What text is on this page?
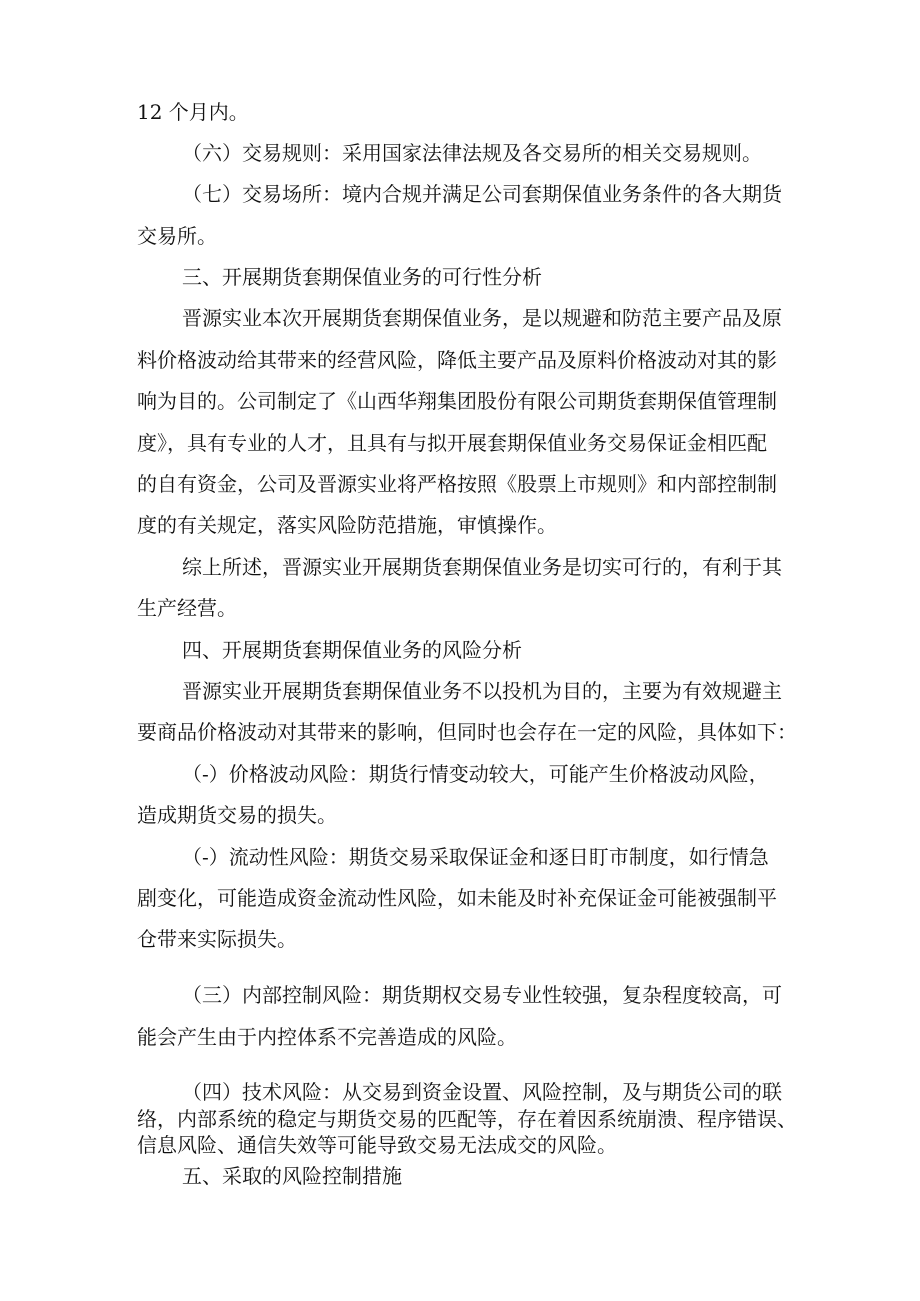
12 个月内。
（六）交易规则：采用国家法律法规及各交易所的相关交易规则。
（七）交易场所：境内合规并满足公司套期保值业务条件的各大期货
交易所。
三、开展期货套期保值业务的可行性分析
晋源实业本次开展期货套期保值业务，是以规避和防范主要产品及原
料价格波动给其带来的经营风险，降低主要产品及原料价格波动对其的影
响为目的。公司制定了《山西华翔集团股份有限公司期货套期保值管理制
度》，具有专业的人才，且具有与拟开展套期保值业务交易保证金相匹配
的自有资金，公司及晋源实业将严格按照《股票上市规则》和内部控制制
度的有关规定，落实风险防范措施，审慎操作。
综上所述，晋源实业开展期货套期保值业务是切实可行的，有利于其
生产经营。
四、开展期货套期保值业务的风险分析
晋源实业开展期货套期保值业务不以投机为目的，主要为有效规避主
要商品价格波动对其带来的影响，但同时也会存在一定的风险，具体如下：
（-）价格波动风险：期货行情变动较大，可能产生价格波动风险，
造成期货交易的损失。
（-）流动性风险：期货交易采取保证金和逐日盯市制度，如行情急
剧变化，可能造成资金流动性风险，如未能及时补充保证金可能被强制平
仓带来实际损失。
（三）内部控制风险：期货期权交易专业性较强，复杂程度较高，可
能会产生由于内控体系不完善造成的风险。
（四）技术风险：从交易到资金设置、风险控制，及与期货公司的联
络，内部系统的稳定与期货交易的匹配等，存在着因系统崩溃、程序错误、
信息风险、通信失效等可能导致交易无法成交的风险。
五、采取的风险控制措施
